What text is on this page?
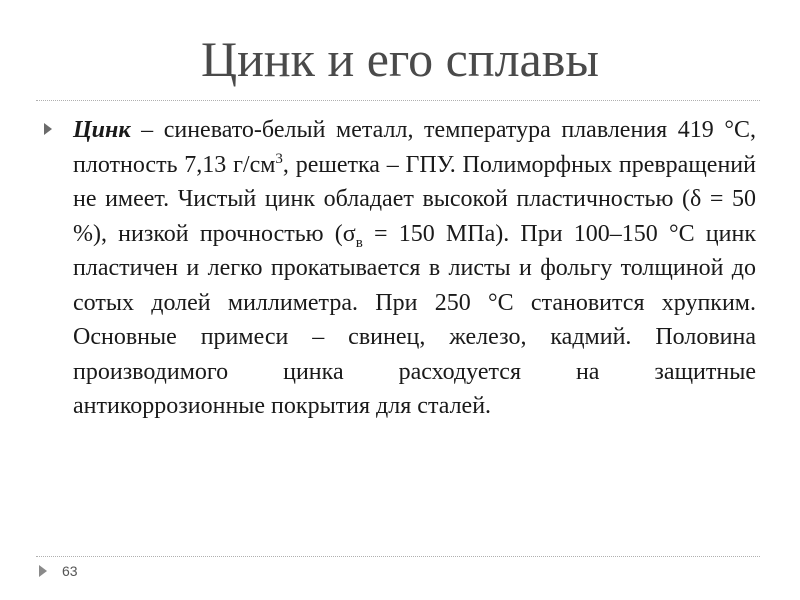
Цинк и его сплавы
Цинк – синевато-белый металл, температура плавления 419 °С, плотность 7,13 $г/см^3$, решетка – ГПУ. Полиморфных превращений не имеет. Чистый цинк обладает высокой пластичностью (δ = 50 %), низкой прочностью ($\sigma_в = 150$ МПа). При 100–150 °С цинк пластичен и легко прокатывается в листы и фольгу толщиной до сотых долей миллиметра. При 250 °С становится хрупким. Основные примеси – свинец, железо, кадмий. Половина производимого цинка расходуется на защитные антикоррозионные покрытия для сталей.
63
